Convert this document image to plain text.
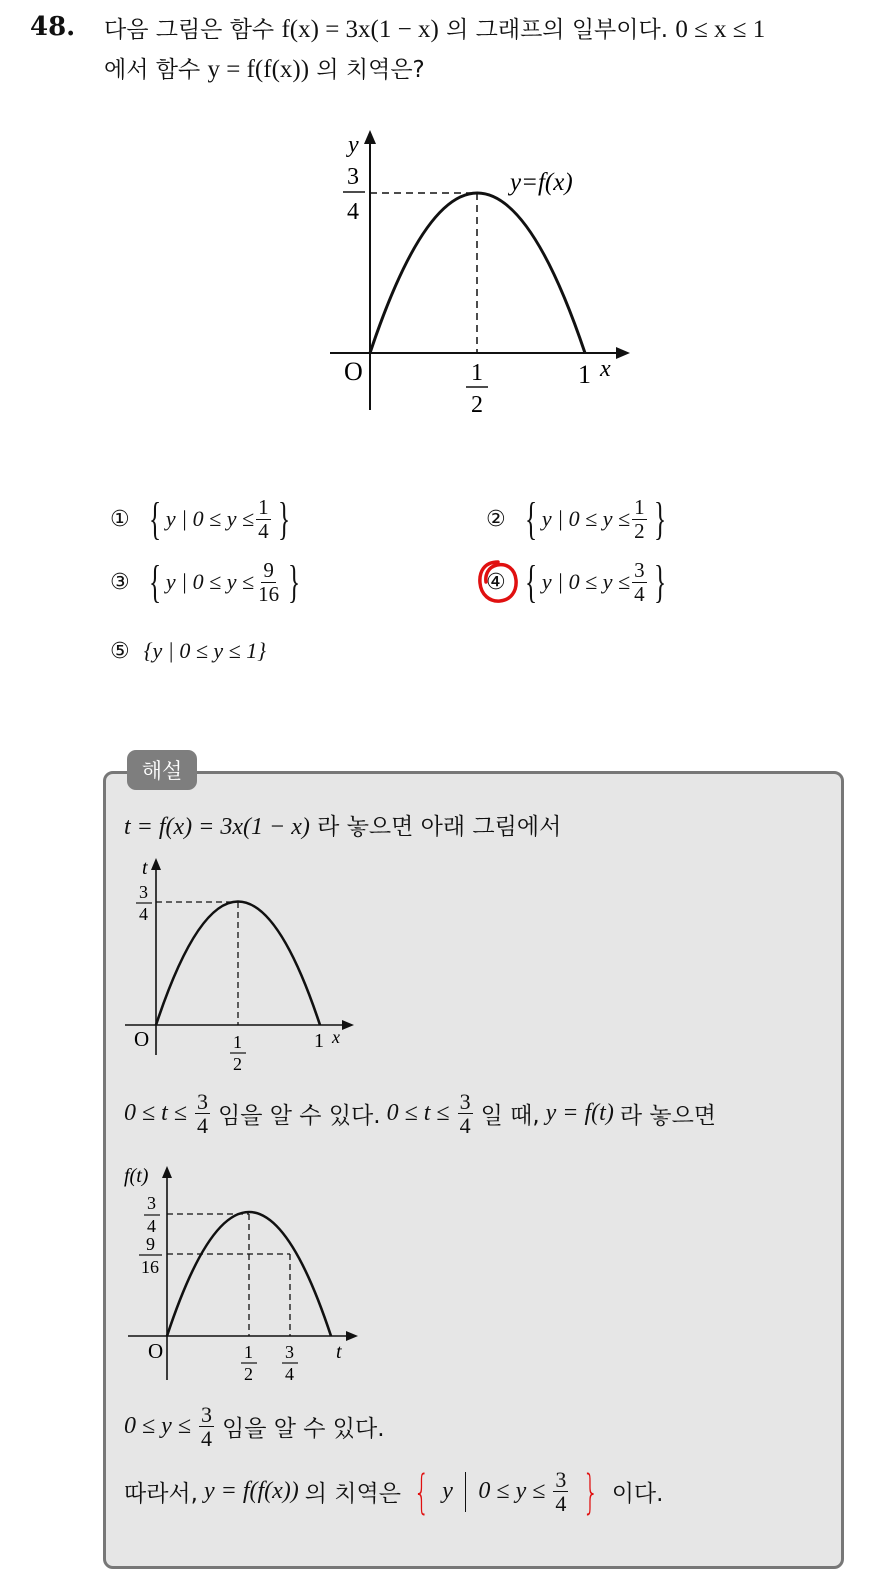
48. 다음 그림은 함수 f(x) = 3x(1 − x) 의 그래프의 일부이다. 0 ≤ x ≤ 1
에서 함수 y = f(f(x)) 의 치역은?
y
x
O	1
y=f(x)
3
4
1
2
① { y | $0 \le y \le \frac{1}{4}$ }	② { y | $0 \le y \le \frac{1}{2}$ }
③ { y | $0 \le y \le \frac{9}{16}$ }	④ { y | $0 \le y \le \frac{3}{4}$ }
⑤ {y | 0 ≤ y ≤ 1}
해설
t = f(x) = 3x(1 − x) 라 놓으면 아래 그림에서
t
x
O	1
3
4
1
2
$0 \le t \le \frac{3}{4}$ 임을 알 수 있다. $0 \le t \le \frac{3}{4}$ 일 때, y = f(t) 라 놓으면
f(t)
t
O
3
4
9
16
1
2
3
4
$0 \le y \le \frac{3}{4}$ 임을 알 수 있다.
따라서, y = f(f(x)) 의 치역은 { y $0 \le y \le \frac{3}{4}$ } 이다.
